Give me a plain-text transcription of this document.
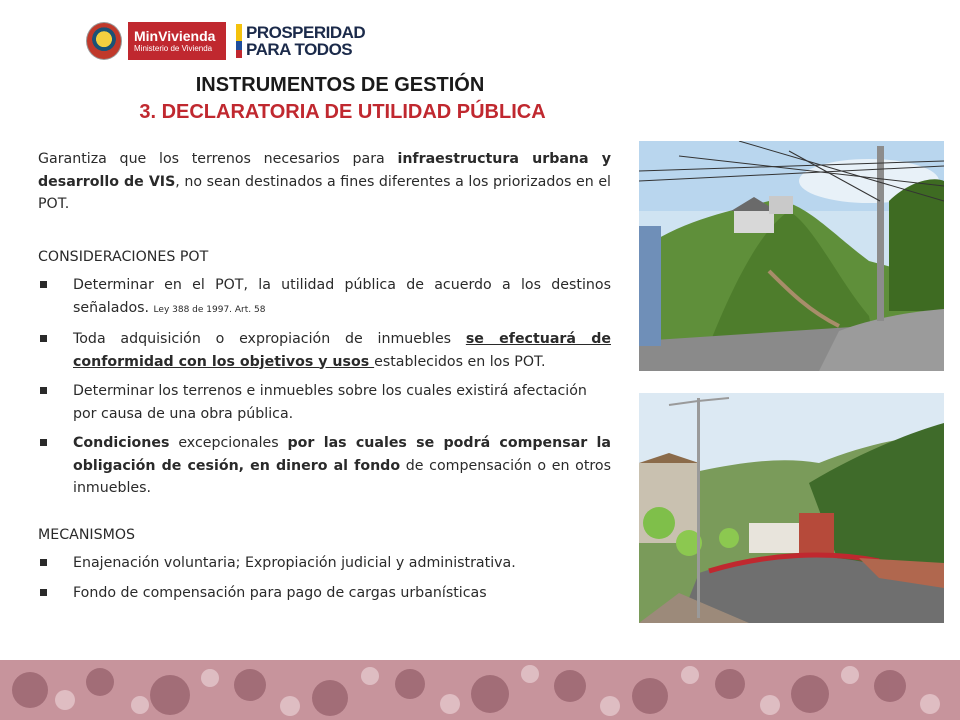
MinVivienda
Ministerio de Vivienda
PROSPERIDAD
PARA TODOS
INSTRUMENTOS DE GESTIÓN
3. DECLARATORIA DE UTILIDAD PÚBLICA

Garantiza que los terrenos necesarios para infraestructura urbana y desarrollo de VIS, no sean destinados a fines diferentes a los priorizados en el POT.

CONSIDERACIONES POT
Determinar en el POT, la utilidad pública de acuerdo a los destinos señalados. Ley 388 de 1997. Art. 58
Toda adquisición o expropiación de inmuebles se efectuará de conformidad con los objetivos y usos establecidos en los POT.
Determinar los terrenos e inmuebles sobre los cuales existirá afectación por causa de una obra pública.
Condiciones excepcionales por las cuales se podrá compensar la obligación de cesión, en dinero al fondo de compensación o en otros inmuebles.
MECANISMOS
Enajenación voluntaria; Expropiación judicial y administrativa.
Fondo de compensación para pago de cargas urbanísticas
